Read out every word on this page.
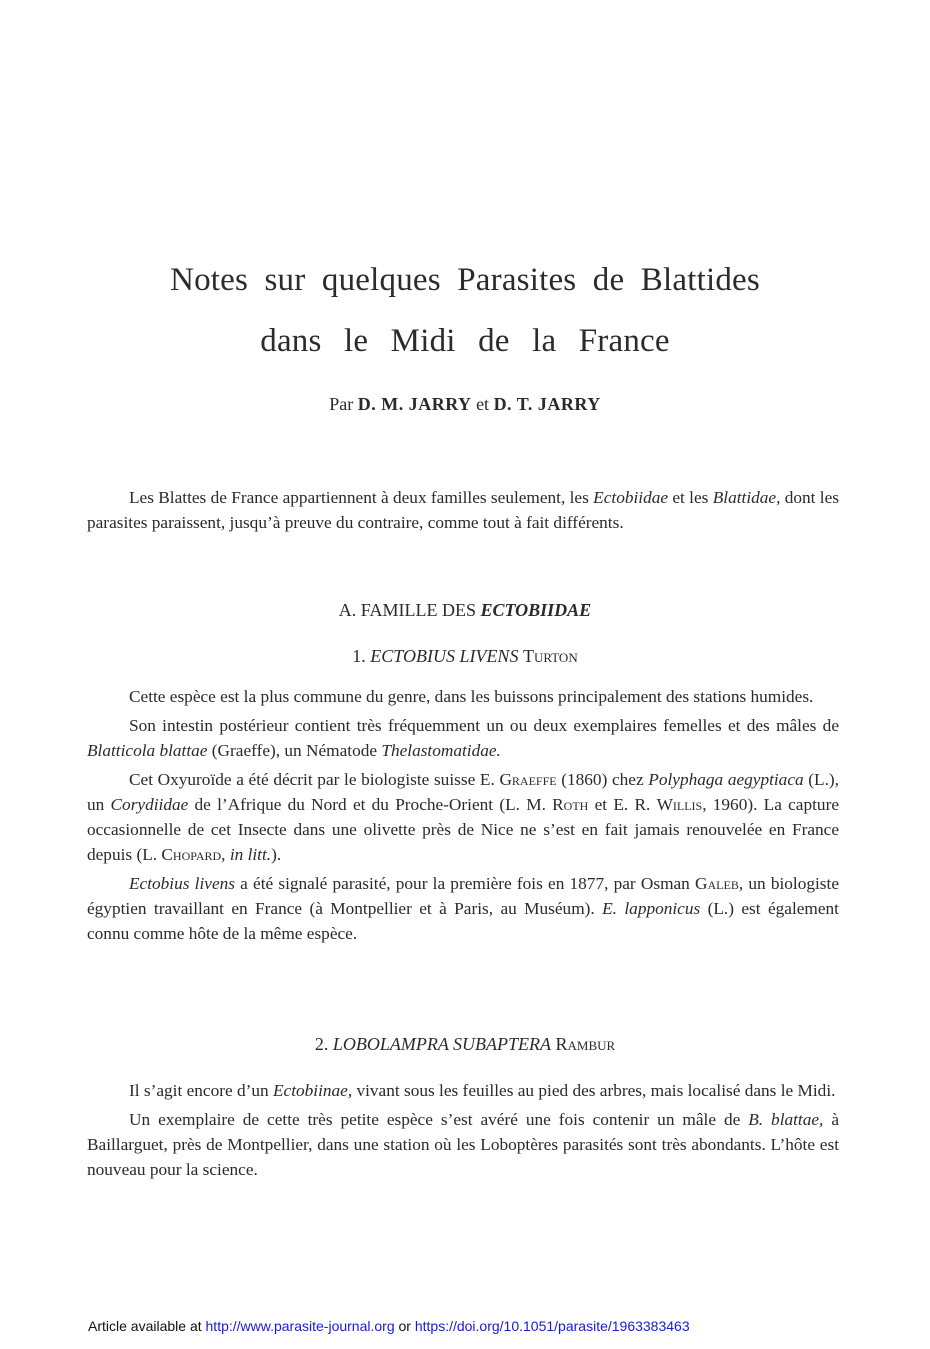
Notes sur quelques Parasites de Blattides
dans le Midi de la France
Par D. M. JARRY et D. T. JARRY

Les Blattes de France appartiennent à deux familles seulement, les Ectobiidae et les Blattidae, dont les parasites paraissent, jusqu’à preuve du contraire, comme tout à fait différents.

A. FAMILLE DES ECTOBIIDAE
1. ECTOBIUS LIVENS Turton

Cette espèce est la plus commune du genre, dans les buissons principalement des stations humides.

Son intestin postérieur contient très fréquemment un ou deux exemplaires femelles et des mâles de Blatticola blattae (Graeffe), un Nématode Thelastomatidae.

Cet Oxyuroïde a été décrit par le biologiste suisse E. Graeffe (1860) chez Polyphaga aegyptiaca (L.), un Corydiidae de l’Afrique du Nord et du Proche-Orient (L. M. Roth et E. R. Willis, 1960). La capture occasionnelle de cet Insecte dans une olivette près de Nice ne s’est en fait jamais renouvelée en France depuis (L. Chopard, in litt.).

Ectobius livens a été signalé parasité, pour la première fois en 1877, par Osman Galeb, un biologiste égyptien travaillant en France (à Montpellier et à Paris, au Muséum). E. lapponicus (L.) est également connu comme hôte de la même espèce.

2. LOBOLAMPRA SUBAPTERA Rambur

Il s’agit encore d’un Ectobiinae, vivant sous les feuilles au pied des arbres, mais localisé dans le Midi.

Un exemplaire de cette très petite espèce s’est avéré une fois contenir un mâle de B. blattae, à Baillarguet, près de Montpellier, dans une station où les Loboptères parasités sont très abondants. L’hôte est nouveau pour la science.

Article available at http://www.parasite-journal.org or https://doi.org/10.1051/parasite/1963383463
